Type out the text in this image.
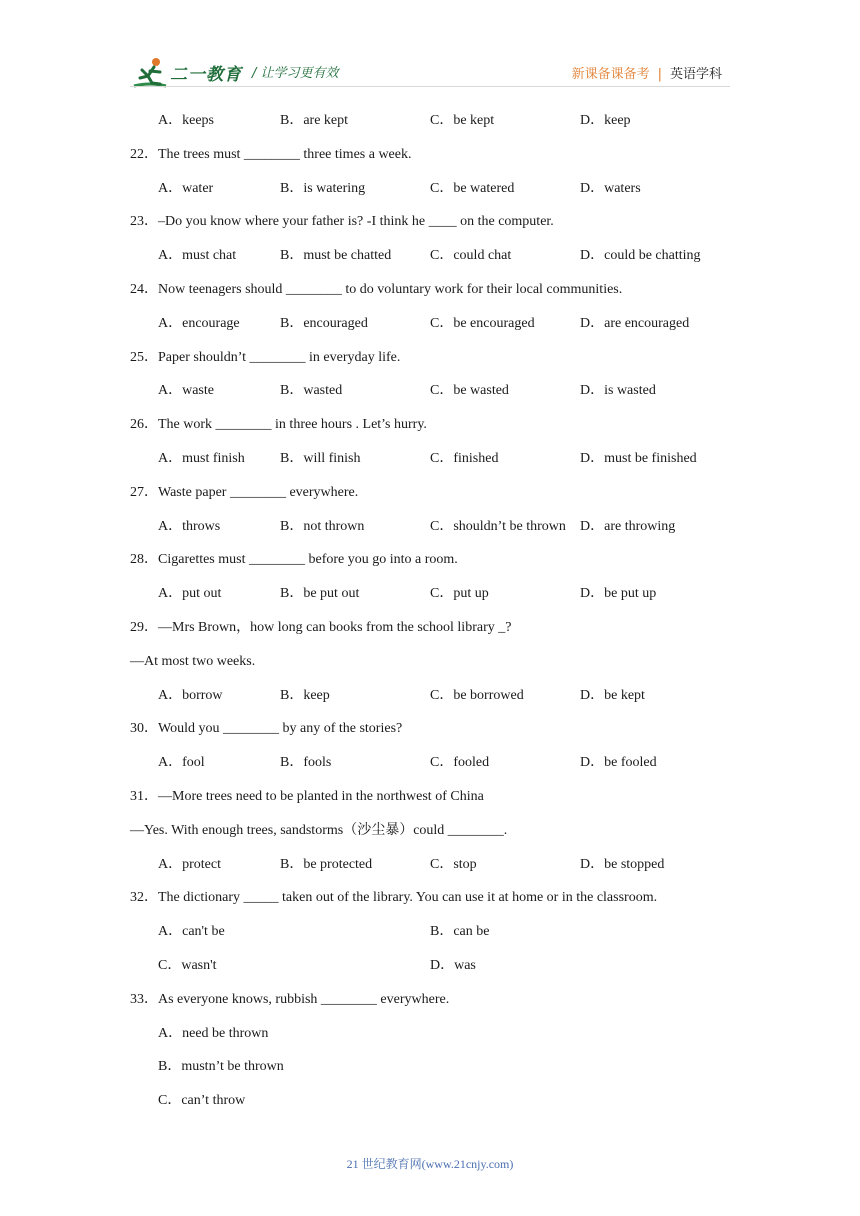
二一教育 / 让学习更有效	新课备课备考 | 英语学科
A．keeps	B．are kept	C．be kept	D．keep
22．The trees must ________ three times a week.
A．water	B．is watering	C．be watered	D．waters
23．–Do you know where your father is? -I think he ____ on the computer.
A．must chat	B．must be chatted	C．could chat	D．could be chatting
24．Now teenagers should ________ to do voluntary work for their local communities.
A．encourage	B．encouraged	C．be encouraged	D．are encouraged
25．Paper shouldn’t ________ in everyday life.
A．waste	B．wasted	C．be wasted	D．is wasted
26．The work ________ in three hours . Let’s hurry.
A．must finish	B．will finish	C．finished	D．must be finished
27．Waste paper ________ everywhere.
A．throws	B．not thrown	C．shouldn’t be thrown D．are throwing
28．Cigarettes must ________ before you go into a room.
A．put out	B．be put out	C．put up	D．be put up
29．—Mrs Brown，how long can books from the school library _?
—At most two weeks.
A．borrow	B．keep	C．be borrowed	D．be kept
30．Would you ________ by any of the stories?
A．fool	B．fools	C．fooled	D．be fooled
31．—More trees need to be planted in the northwest of China
—Yes. With enough trees, sandstorms（沙尘暴）could ________.
A．protect	B．be protected	C．stop	D．be stopped
32．The dictionary _____ taken out of the library. You can use it at home or in the classroom.
A．can't be	B．can be
C．wasn't	D．was
33．As everyone knows, rubbish ________ everywhere.
A．need be thrown
B．mustn’t be thrown
C．can’t throw
21 世纪教育网(www.21cnjy.com)
